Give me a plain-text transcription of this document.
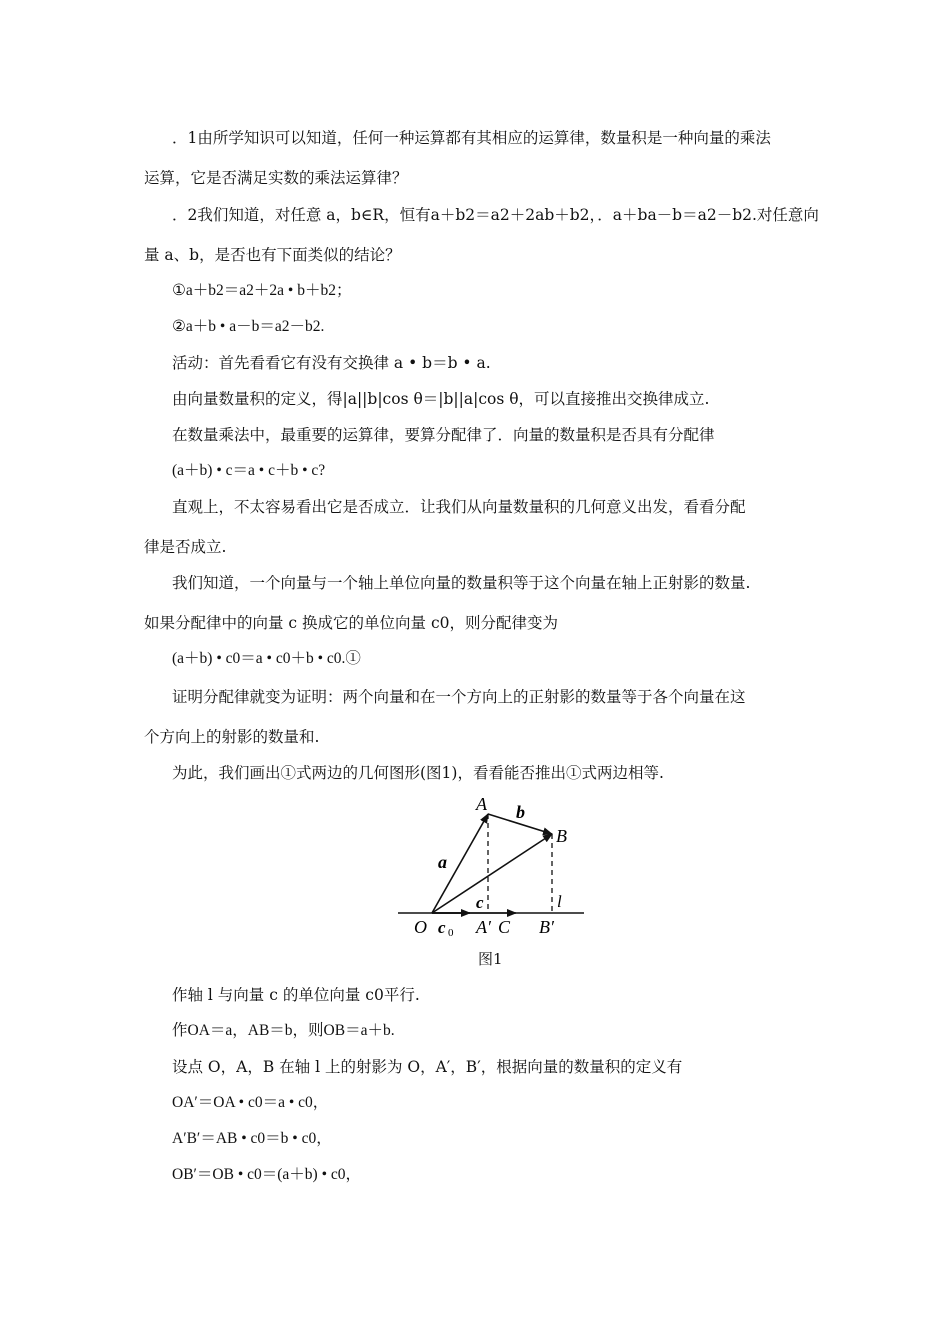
．1由所学知识可以知道，任何一种运算都有其相应的运算律，数量积是一种向量的乘法
运算，它是否满足实数的乘法运算律？
．2我们知道，对任意 a，b∈R，恒有a＋b2＝a2＋2ab＋b2，．a＋ba－b＝a2－b2.对任意向
量 a、b，是否也有下面类似的结论？
①a＋b2＝a2＋2a • b＋b2；
②a＋b • a－b＝a2－b2.
活动：首先看看它有没有交换律 a • b＝b • a.
由向量数量积的定义，得|a||b|cos θ＝|b||a|cos θ，可以直接推出交换律成立.
在数量乘法中，最重要的运算律，要算分配律了．向量的数量积是否具有分配律
(a＋b) • c＝a • c＋b • c?
直观上，不太容易看出它是否成立．让我们从向量数量积的几何意义出发，看看分配
律是否成立.
我们知道，一个向量与一个轴上单位向量的数量积等于这个向量在轴上正射影的数量.
如果分配律中的向量 c 换成它的单位向量 c0，则分配律变为
(a＋b) • c0＝a • c0＋b • c0.①
证明分配律就变为证明：两个向量和在一个方向上的正射影的数量等于各个向量在这
个方向上的射影的数量和.
为此，我们画出①式两边的几何图形(图1)，看看能否推出①式两边相等.
A b
B
a
c	l
O c 0 A′ C B′
图1
作轴 l 与向量 c 的单位向量 c0平行.
作OA＝a，AB＝b，则OB＝a＋b.
设点 O，A，B 在轴 l 上的射影为 O，A′，B′，根据向量的数量积的定义有
OA′＝OA • c0＝a • c0，
A′B′＝AB • c0＝b • c0，
OB′＝OB • c0＝(a＋b) • c0，
